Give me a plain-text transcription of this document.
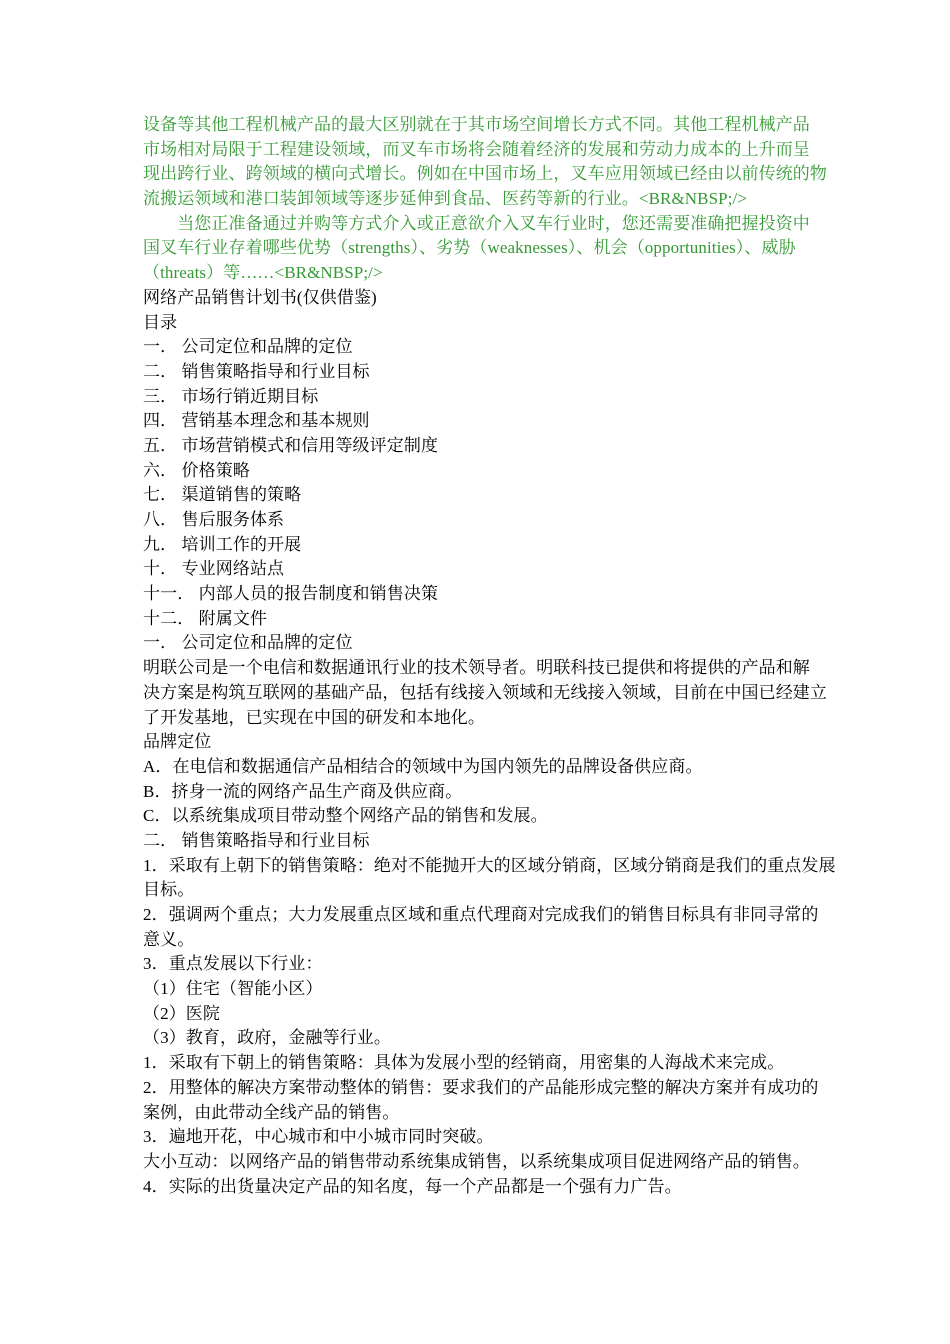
设备等其他工程机械产品的最大区别就在于其市场空间增长方式不同。其他工程机械产品
市场相对局限于工程建设领域，而叉车市场将会随着经济的发展和劳动力成本的上升而呈
现出跨行业、跨领域的横向式增长。例如在中国市场上，叉车应用领域已经由以前传统的物
流搬运领域和港口装卸领域等逐步延伸到食品、医药等新的行业。<BR&NBSP;/>
　　当您正准备通过并购等方式介入或正意欲介入叉车行业时，您还需要准确把握投资中
国叉车行业存着哪些优势（strengths）、劣势（weaknesses）、机会（opportunities）、威胁
（threats）等……<BR&NBSP;/>
网络产品销售计划书(仅供借鉴)
目录
一． 公司定位和品牌的定位
二． 销售策略指导和行业目标
三． 市场行销近期目标
四． 营销基本理念和基本规则
五． 市场营销模式和信用等级评定制度
六． 价格策略
七． 渠道销售的策略
八． 售后服务体系
九． 培训工作的开展
十． 专业网络站点
十一． 内部人员的报告制度和销售决策
十二． 附属文件
一． 公司定位和品牌的定位
明联公司是一个电信和数据通讯行业的技术领导者。明联科技已提供和将提供的产品和解
决方案是构筑互联网的基础产品，包括有线接入领域和无线接入领域，目前在中国已经建立
了开发基地，已实现在中国的研发和本地化。
品牌定位
A．在电信和数据通信产品相结合的领域中为国内领先的品牌设备供应商。
B．挤身一流的网络产品生产商及供应商。
C．以系统集成项目带动整个网络产品的销售和发展。
二． 销售策略指导和行业目标
1．采取有上朝下的销售策略：绝对不能抛开大的区域分销商，区域分销商是我们的重点发展
目标。
2．强调两个重点；大力发展重点区域和重点代理商对完成我们的销售目标具有非同寻常的
意义。
3．重点发展以下行业：
（1）住宅（智能小区）
（2）医院
（3）教育，政府，金融等行业。
1．采取有下朝上的销售策略：具体为发展小型的经销商，用密集的人海战术来完成。
2．用整体的解决方案带动整体的销售：要求我们的产品能形成完整的解决方案并有成功的
案例，由此带动全线产品的销售。
3．遍地开花，中心城市和中小城市同时突破。
大小互动：以网络产品的销售带动系统集成销售，以系统集成项目促进网络产品的销售。
4．实际的出货量决定产品的知名度，每一个产品都是一个强有力广告。
